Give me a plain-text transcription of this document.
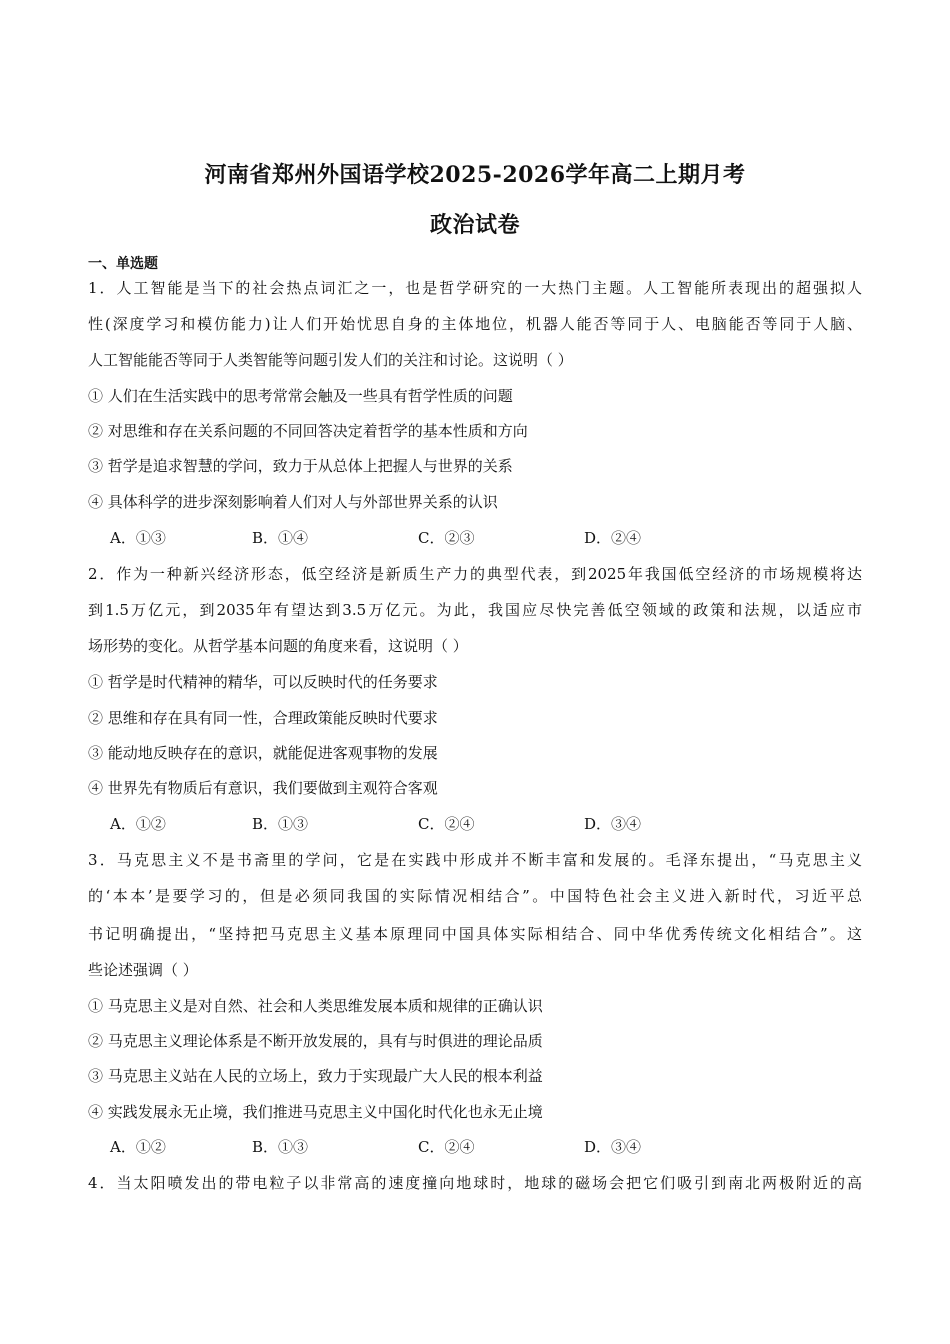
河南省郑州外国语学校2025-2026学年高二上期月考
政治试卷
一、单选题
1．人工智能是当下的社会热点词汇之一，也是哲学研究的一大热门主题。人工智能所表现出的超强拟人
性(深度学习和模仿能力)让人们开始忧思自身的主体地位，机器人能否等同于人、电脑能否等同于人脑、
人工智能能否等同于人类智能等问题引发人们的关注和讨论。这说明（ ）
① 人们在生活实践中的思考常常会触及一些具有哲学性质的问题
② 对思维和存在关系问题的不同回答决定着哲学的基本性质和方向
③ 哲学是追求智慧的学问，致力于从总体上把握人与世界的关系
④ 具体科学的进步深刻影响着人们对人与外部世界关系的认识
A．①③	B．①④	C．②③	D．②④
2．作为一种新兴经济形态，低空经济是新质生产力的典型代表，到2025年我国低空经济的市场规模将达
到1.5万亿元，到2035年有望达到3.5万亿元。为此，我国应尽快完善低空领域的政策和法规，以适应市
场形势的变化。从哲学基本问题的角度来看，这说明（ ）
① 哲学是时代精神的精华，可以反映时代的任务要求
② 思维和存在具有同一性，合理政策能反映时代要求
③ 能动地反映存在的意识，就能促进客观事物的发展
④ 世界先有物质后有意识，我们要做到主观符合客观
A．①②	B．①③	C．②④	D．③④
3．马克思主义不是书斋里的学问，它是在实践中形成并不断丰富和发展的。毛泽东提出，“马克思主义
的‘本本’是要学习的，但是必须同我国的实际情况相结合”。中国特色社会主义进入新时代，习近平总
书记明确提出，“坚持把马克思主义基本原理同中国具体实际相结合、同中华优秀传统文化相结合”。这
些论述强调（ ）
① 马克思主义是对自然、社会和人类思维发展本质和规律的正确认识
② 马克思主义理论体系是不断开放发展的，具有与时俱进的理论品质
③ 马克思主义站在人民的立场上，致力于实现最广大人民的根本利益
④ 实践发展永无止境，我们推进马克思主义中国化时代化也永无止境
A．①②	B．①③	C．②④	D．③④
4．当太阳喷发出的带电粒子以非常高的速度撞向地球时，地球的磁场会把它们吸引到南北两极附近的高
